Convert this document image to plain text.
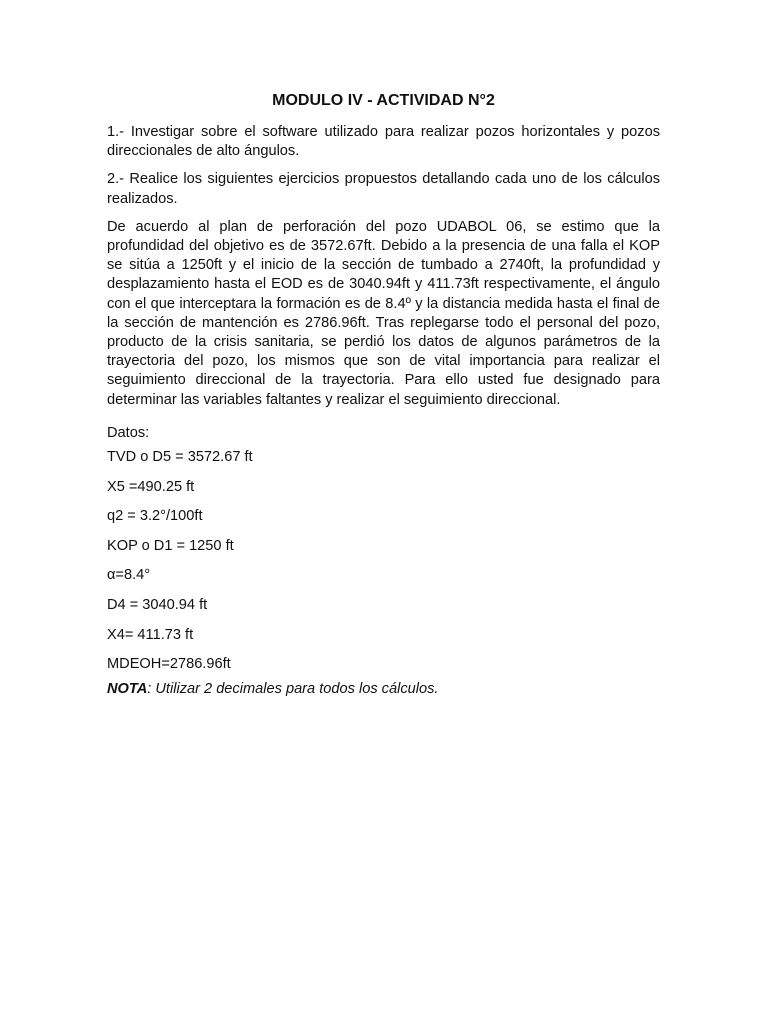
MODULO IV - ACTIVIDAD N°2

1.- Investigar sobre el software utilizado para realizar pozos horizontales y pozos direccionales de alto ángulos.

2.- Realice los siguientes ejercicios propuestos detallando cada uno de los cálculos realizados.

De acuerdo al plan de perforación del pozo UDABOL 06, se estimo que la profundidad del objetivo es de 3572.67ft. Debido a la presencia de una falla el KOP se sitúa a 1250ft y el inicio de la sección de tumbado a 2740ft, la profundidad y desplazamiento hasta el EOD es de 3040.94ft y 411.73ft respectivamente, el ángulo con el que interceptara la formación es de 8.4º y la distancia medida hasta el final de la sección de mantención es 2786.96ft. Tras replegarse todo el personal del pozo, producto de la crisis sanitaria, se perdió los datos de algunos parámetros de la trayectoria del pozo, los mismos que son de vital importancia para realizar el seguimiento direccional de la trayectoria. Para ello usted fue designado para determinar las variables faltantes y realizar el seguimiento direccional.

Datos:
TVD o D5 = 3572.67 ft
X5 =490.25 ft
q2 = 3.2°/100ft
KOP o D1 = 1250 ft
α=8.4°
D4 = 3040.94 ft
X4= 411.73 ft
MDEOH=2786.96ft
NOTA: Utilizar 2 decimales para todos los cálculos.
